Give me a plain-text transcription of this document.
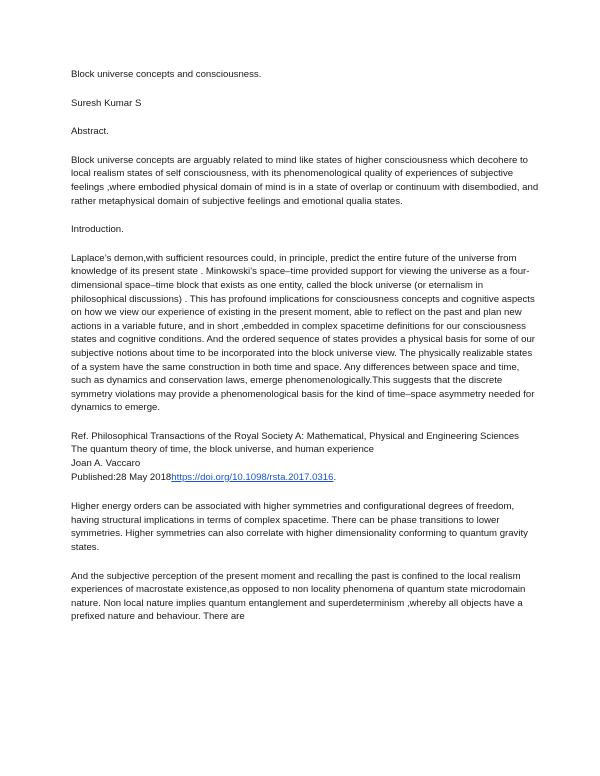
Block universe concepts and consciousness.

Suresh Kumar S

Abstract.

Block universe concepts are arguably related to mind like states of higher consciousness which decohere to local realism states of self consciousness, with its phenomenological quality of experiences of subjective feelings ,where embodied physical domain of mind is in a state of overlap or continuum with disembodied, and rather metaphysical domain of subjective feelings and emotional qualia states.

Introduction.

Laplace’s demon,with sufficient resources could, in principle, predict the entire future of the universe from knowledge of its present state . Minkowski’s space–time provided support for viewing the universe as a four-dimensional space–time block that exists as one entity, called the block universe (or eternalism in philosophical discussions) . This has profound implications for consciousness concepts and cognitive aspects on how we view our experience of existing in the present moment, able to reflect on the past and plan new actions in a variable future, and in short ,embedded in complex spacetime definitions for our consciousness states and cognitive conditions. And the ordered sequence of states provides a physical basis for some of our subjective notions about time to be incorporated into the block universe view. The physically realizable states of a system have the same construction in both time and space. Any differences between space and time, such as dynamics and conservation laws, emerge phenomenologically.This suggests that the discrete symmetry violations may provide a phenomenological basis for the kind of time–space asymmetry needed for dynamics to emerge.

Ref. Philosophical Transactions of the Royal Society A: Mathematical, Physical and Engineering Sciences
The quantum theory of time, the block universe, and human experience
Joan A. Vaccaro
Published:28 May 2018https://doi.org/10.1098/rsta.2017.0316.

Higher energy orders can be associated with higher symmetries and configurational degrees of freedom, having structural implications in terms of complex spacetime. There can be phase transitions to lower symmetries. Higher symmetries can also correlate with higher dimensionality conforming to quantum gravity states.

And the subjective perception of the present moment and recalling the past is confined to the local realism experiences of macrostate existence,as opposed to non locality phenomena of quantum state microdomain nature. Non local nature implies quantum entanglement and superdeterminism ,whereby all objects have a prefixed nature and behaviour. There are
